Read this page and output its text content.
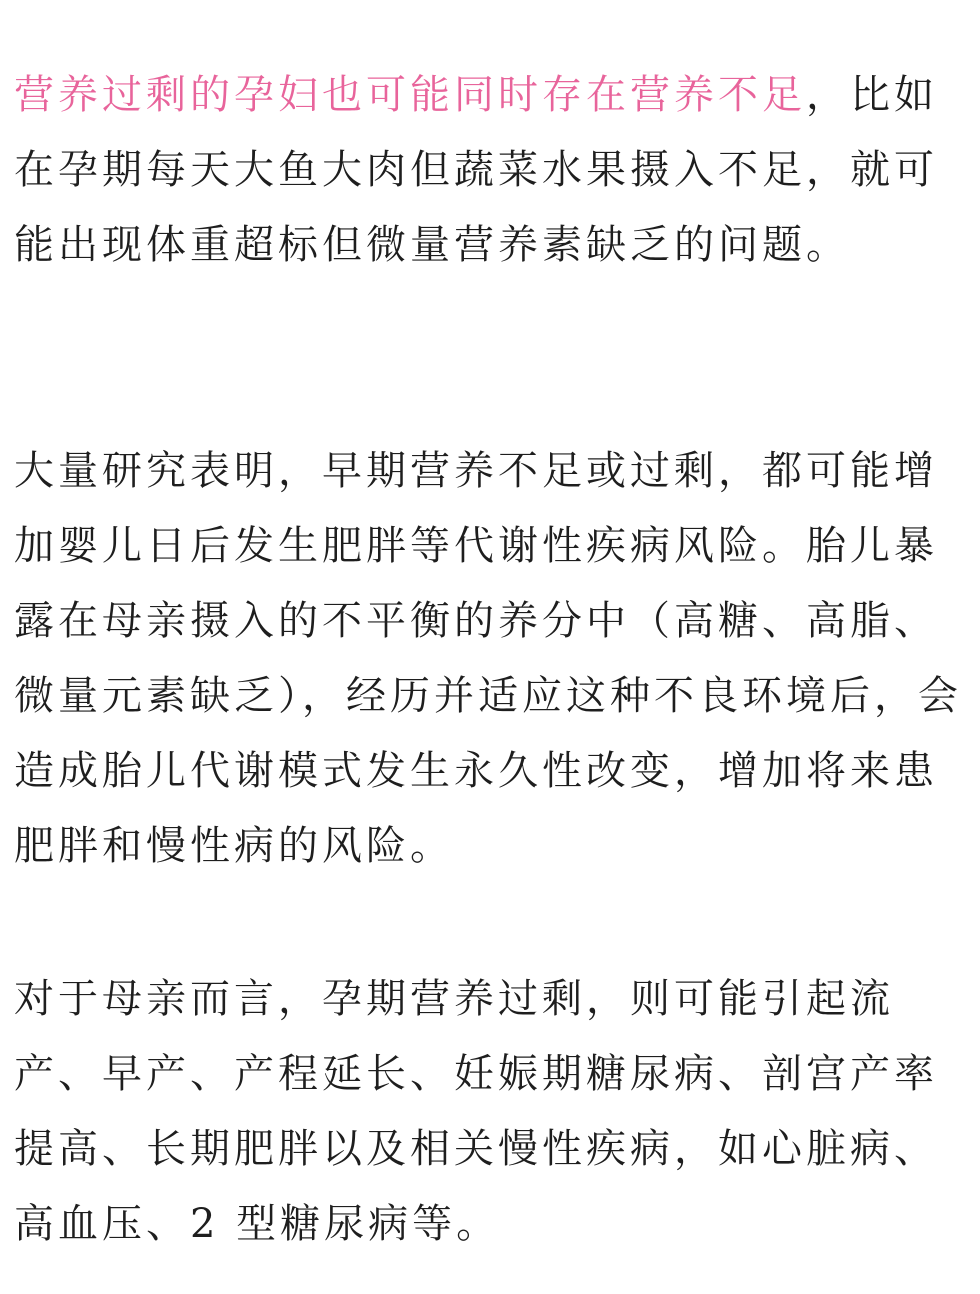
营养过剩的孕妇也可能同时存在营养不足，比如在孕期每天大鱼大肉但蔬菜水果摄入不足，就可能出现体重超标但微量营养素缺乏的问题。

大量研究表明，早期营养不足或过剩，都可能增加婴儿日后发生肥胖等代谢性疾病风险。胎儿暴露在母亲摄入的不平衡的养分中（高糖、高脂、微量元素缺乏），经历并适应这种不良环境后，会造成胎儿代谢模式发生永久性改变，增加将来患肥胖和慢性病的风险。

对于母亲而言，孕期营养过剩，则可能引起流产、早产、产程延长、妊娠期糖尿病、剖宫产率提高、长期肥胖以及相关慢性疾病，如心脏病、高血压、2 型糖尿病等。
